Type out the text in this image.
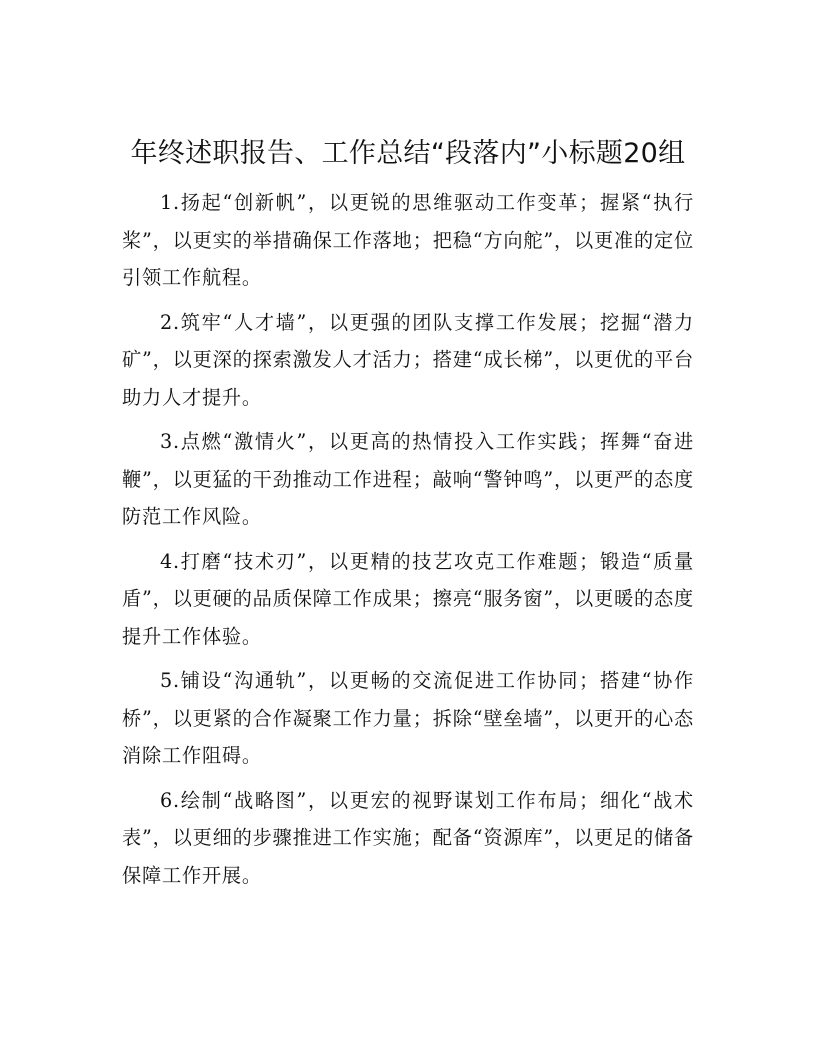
年终述职报告、工作总结“段落内”小标题20组

1.扬起“创新帆”，以更锐的思维驱动工作变革；握紧“执行桨”，以更实的举措确保工作落地；把稳“方向舵”，以更准的定位引领工作航程。

2.筑牢“人才墙”，以更强的团队支撑工作发展；挖掘“潜力矿”，以更深的探索激发人才活力；搭建“成长梯”，以更优的平台助力人才提升。

3.点燃“激情火”，以更高的热情投入工作实践；挥舞“奋进鞭”，以更猛的干劲推动工作进程；敲响“警钟鸣”，以更严的态度防范工作风险。

4.打磨“技术刃”，以更精的技艺攻克工作难题；锻造“质量盾”，以更硬的品质保障工作成果；擦亮“服务窗”，以更暖的态度提升工作体验。

5.铺设“沟通轨”，以更畅的交流促进工作协同；搭建“协作桥”，以更紧的合作凝聚工作力量；拆除“壁垒墙”，以更开的心态消除工作阻碍。

6.绘制“战略图”，以更宏的视野谋划工作布局；细化“战术表”，以更细的步骤推进工作实施；配备“资源库”，以更足的储备保障工作开展。
